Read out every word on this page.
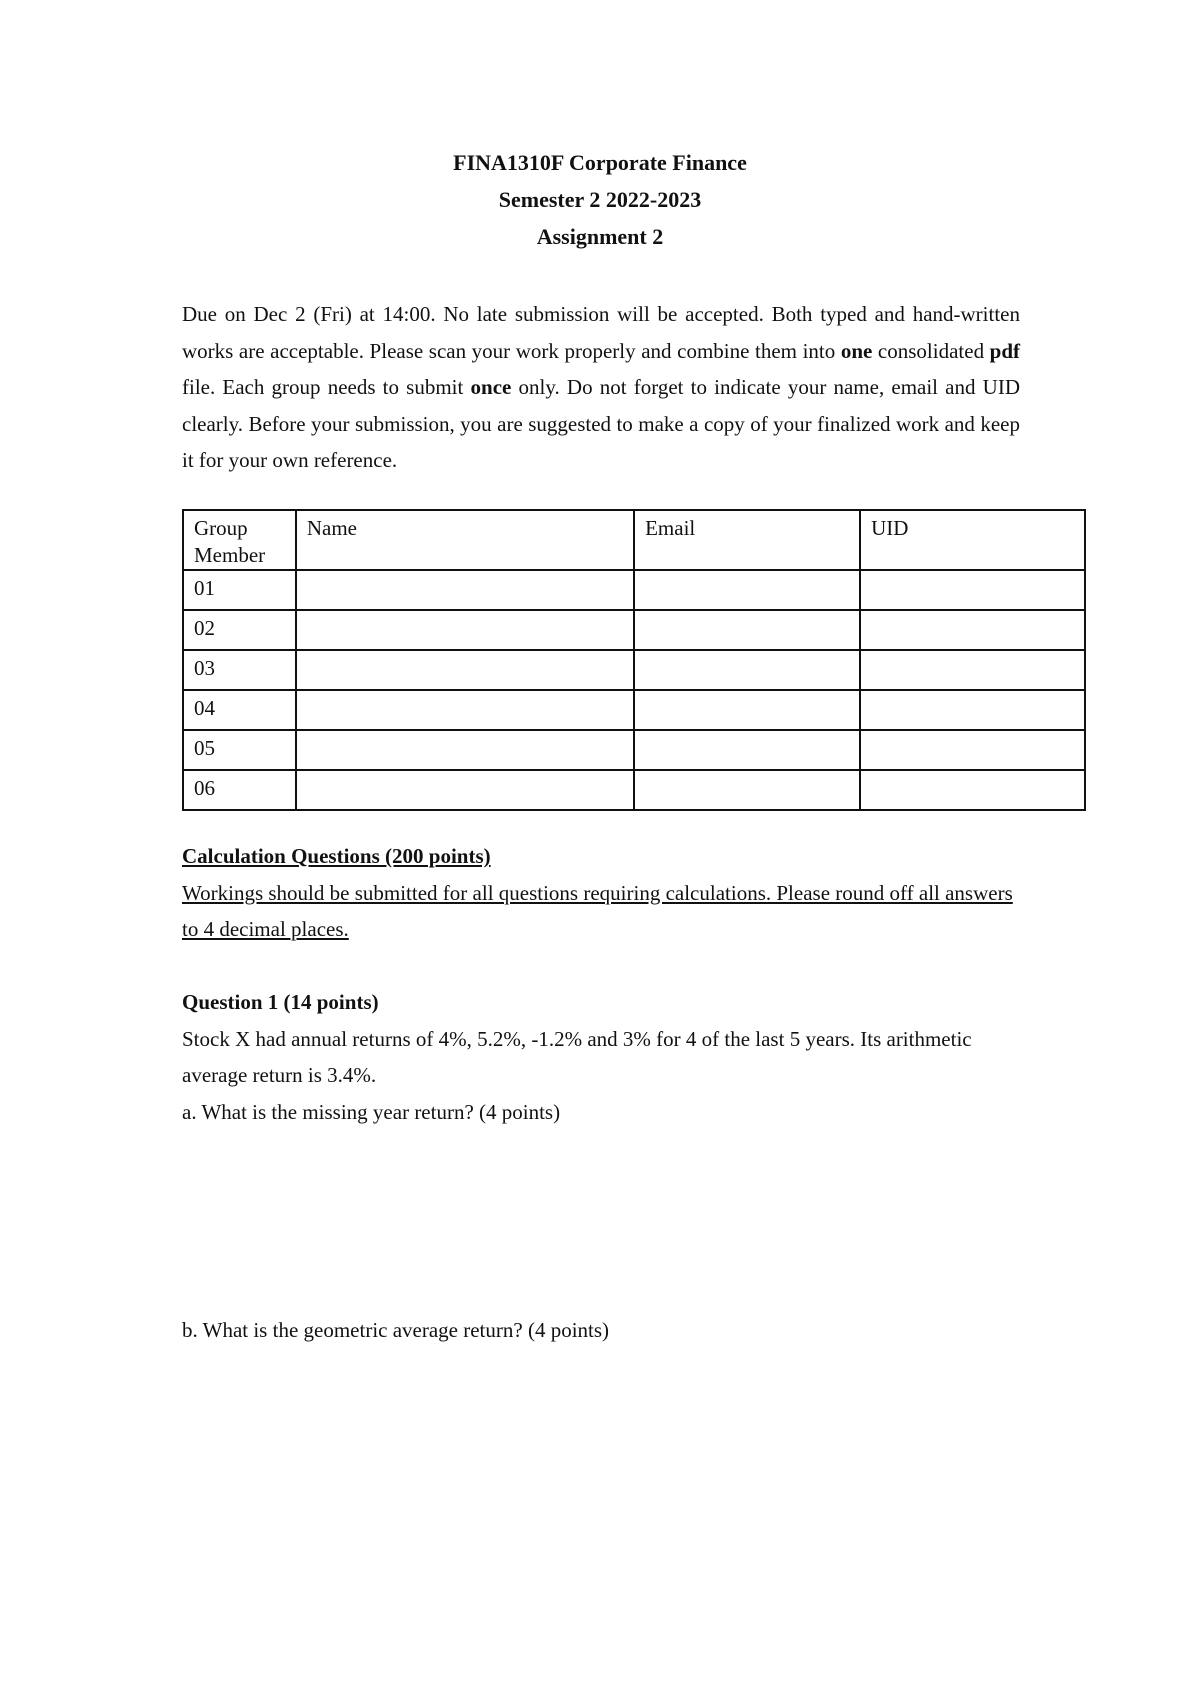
FINA1310F Corporate Finance
Semester 2 2022-2023
Assignment 2
Due on Dec 2 (Fri) at 14:00. No late submission will be accepted. Both typed and hand-written works are acceptable. Please scan your work properly and combine them into one consolidated pdf file. Each group needs to submit once only. Do not forget to indicate your name, email and UID clearly. Before your submission, you are suggested to make a copy of your finalized work and keep it for your own reference.
Group Member	Name	Email	UID
01			
02			
03			
04			
05			
06			
Calculation Questions (200 points)
Workings should be submitted for all questions requiring calculations. Please round off all answers to 4 decimal places.
Question 1 (14 points)
Stock X had annual returns of 4%, 5.2%, -1.2% and 3% for 4 of the last 5 years. Its arithmetic average return is 3.4%.
a. What is the missing year return? (4 points)
b. What is the geometric average return? (4 points)
